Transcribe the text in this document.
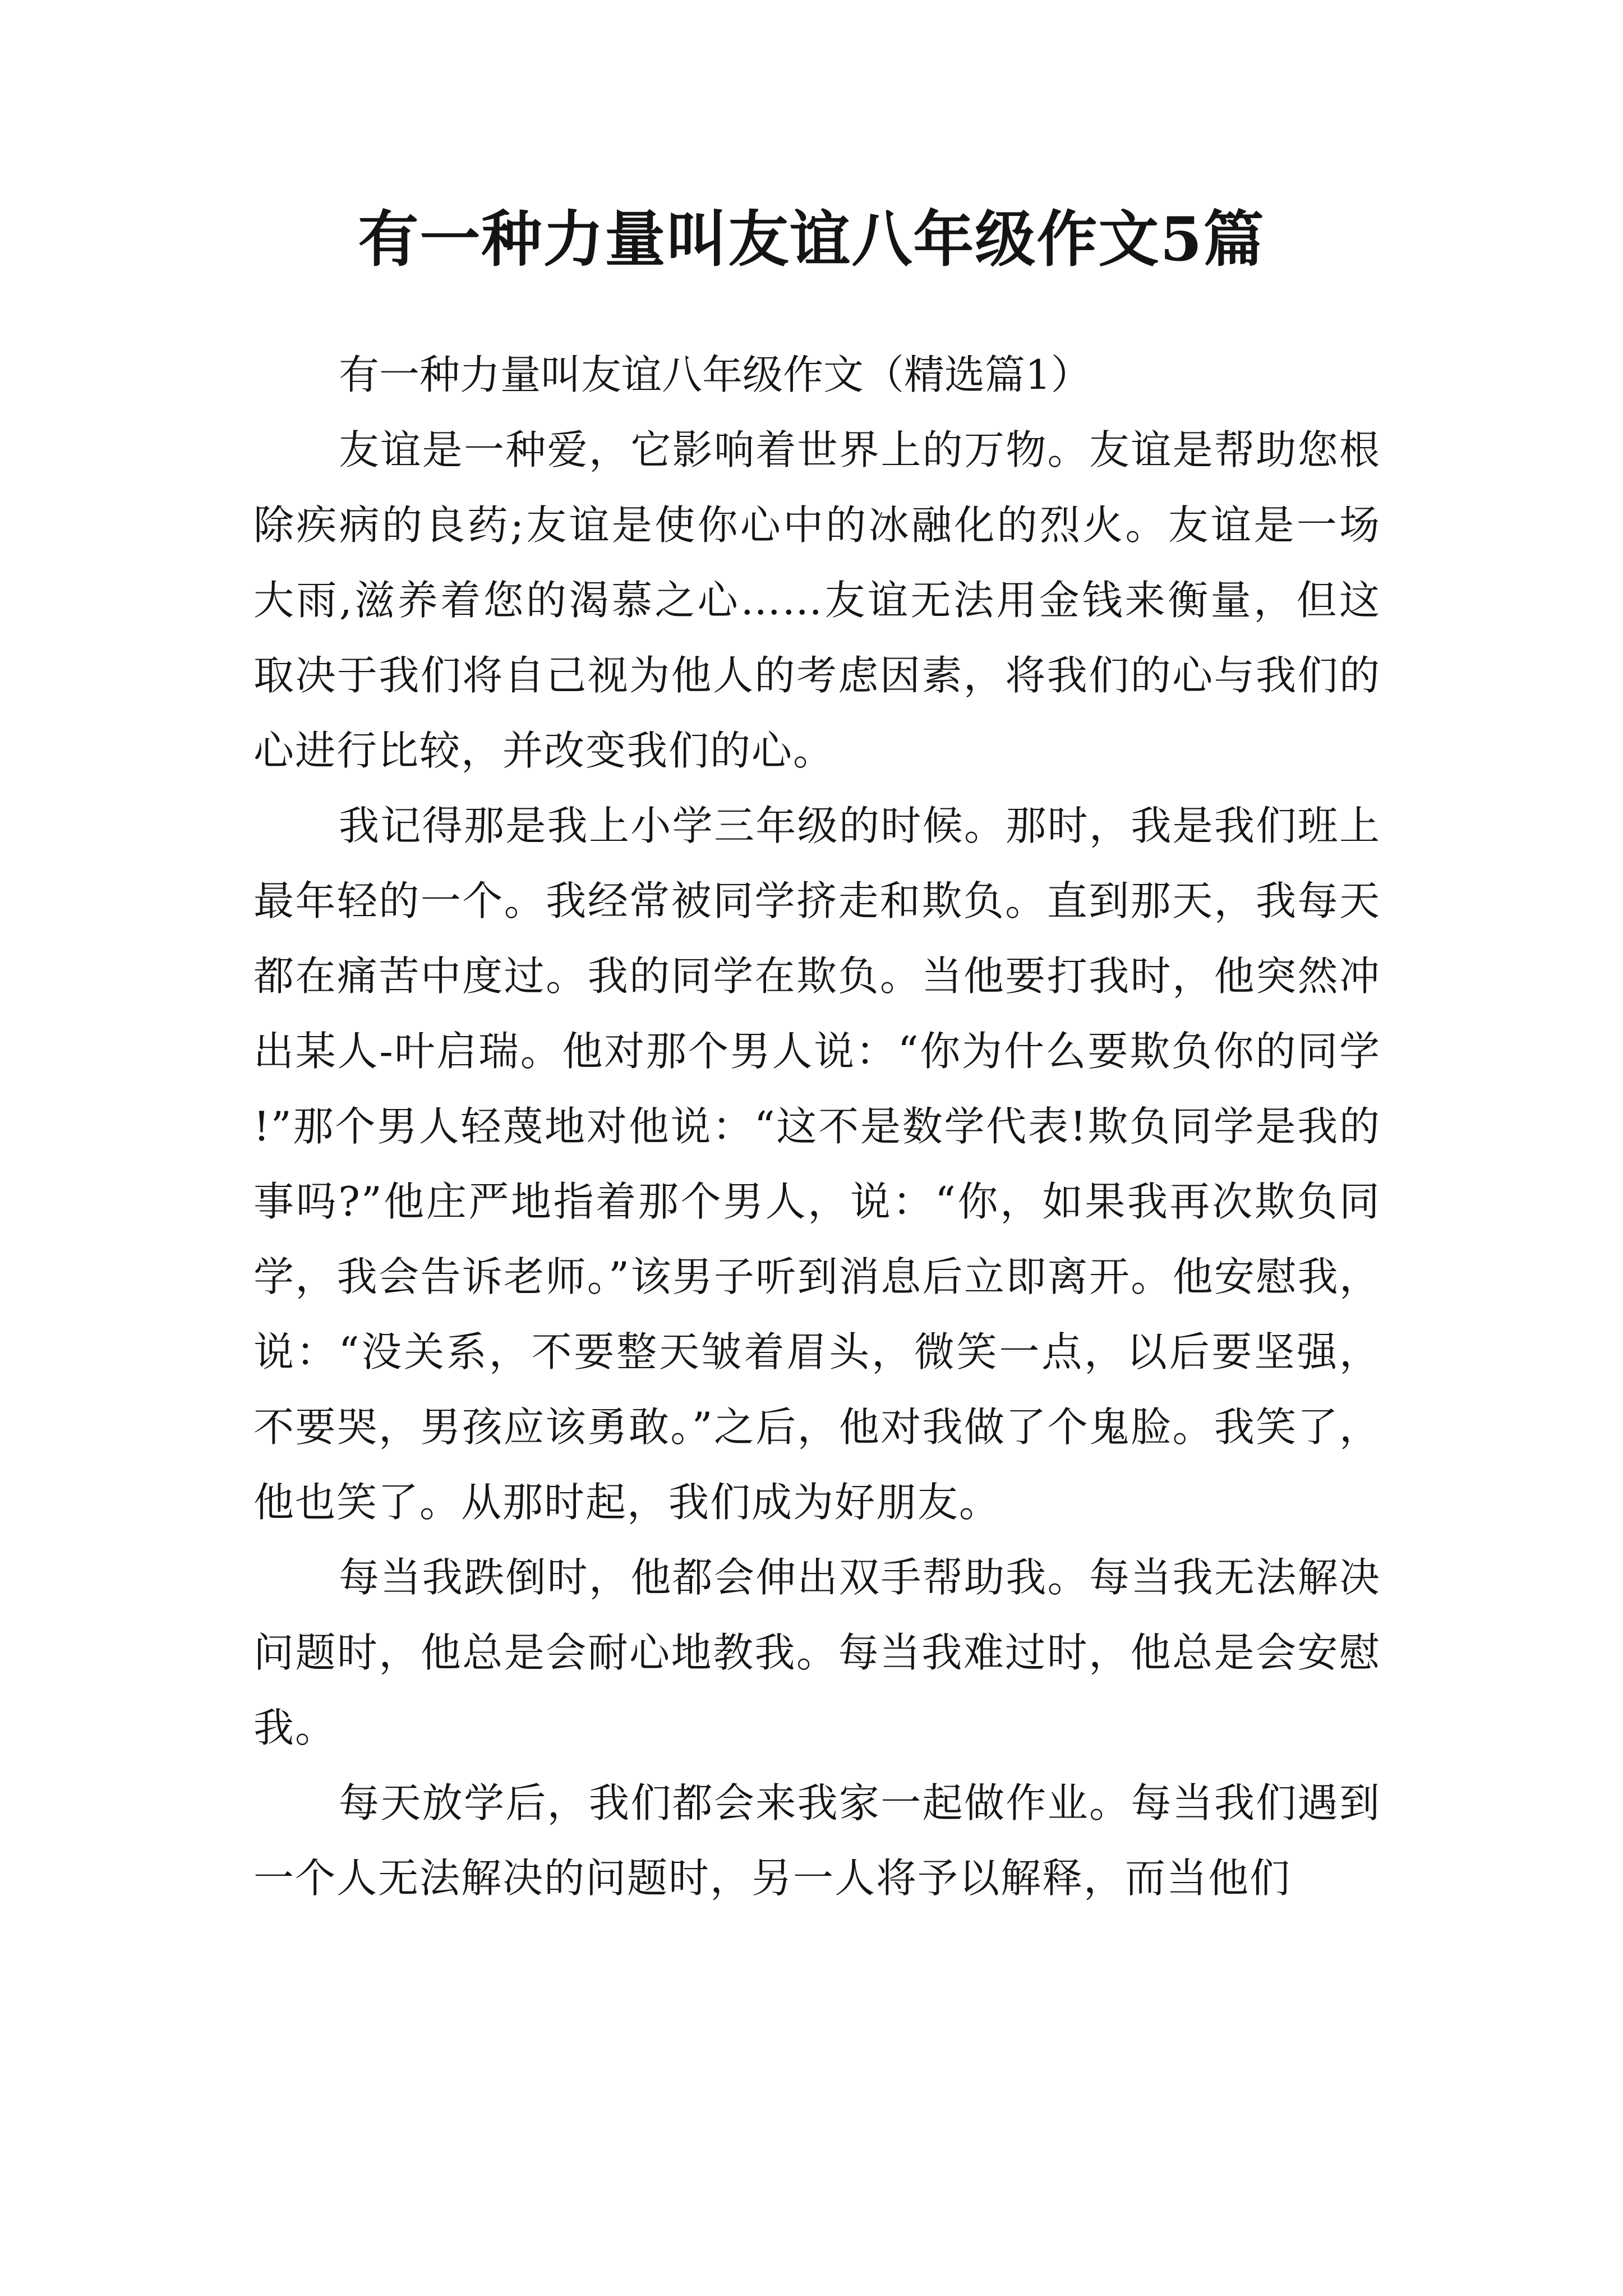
有一种力量叫友谊八年级作文5篇

有一种力量叫友谊八年级作文（精选篇1）

友谊是一种爱，它影响着世界上的万物。友谊是帮助您根除疾病的良药;友谊是使你心中的冰融化的烈火。友谊是一场大雨,滋养着您的渴慕之心……友谊无法用金钱来衡量，但这取决于我们将自己视为他人的考虑因素，将我们的心与我们的心进行比较，并改变我们的心。

我记得那是我上小学三年级的时候。那时，我是我们班上最年轻的一个。我经常被同学挤走和欺负。直到那天，我每天都在痛苦中度过。我的同学在欺负。当他要打我时，他突然冲出某人-叶启瑞。他对那个男人说：“你为什么要欺负你的同学!”那个男人轻蔑地对他说：“这不是数学代表!欺负同学是我的事吗?”他庄严地指着那个男人，说：“你，如果我再次欺负同学，我会告诉老师。”该男子听到消息后立即离开。他安慰我，说：“没关系，不要整天皱着眉头，微笑一点，以后要坚强，不要哭，男孩应该勇敢。”之后，他对我做了个鬼脸。我笑了，他也笑了。从那时起，我们成为好朋友。

每当我跌倒时，他都会伸出双手帮助我。每当我无法解决问题时，他总是会耐心地教我。每当我难过时，他总是会安慰我。

每天放学后，我们都会来我家一起做作业。每当我们遇到一个人无法解决的问题时，另一人将予以解释，而当他们
